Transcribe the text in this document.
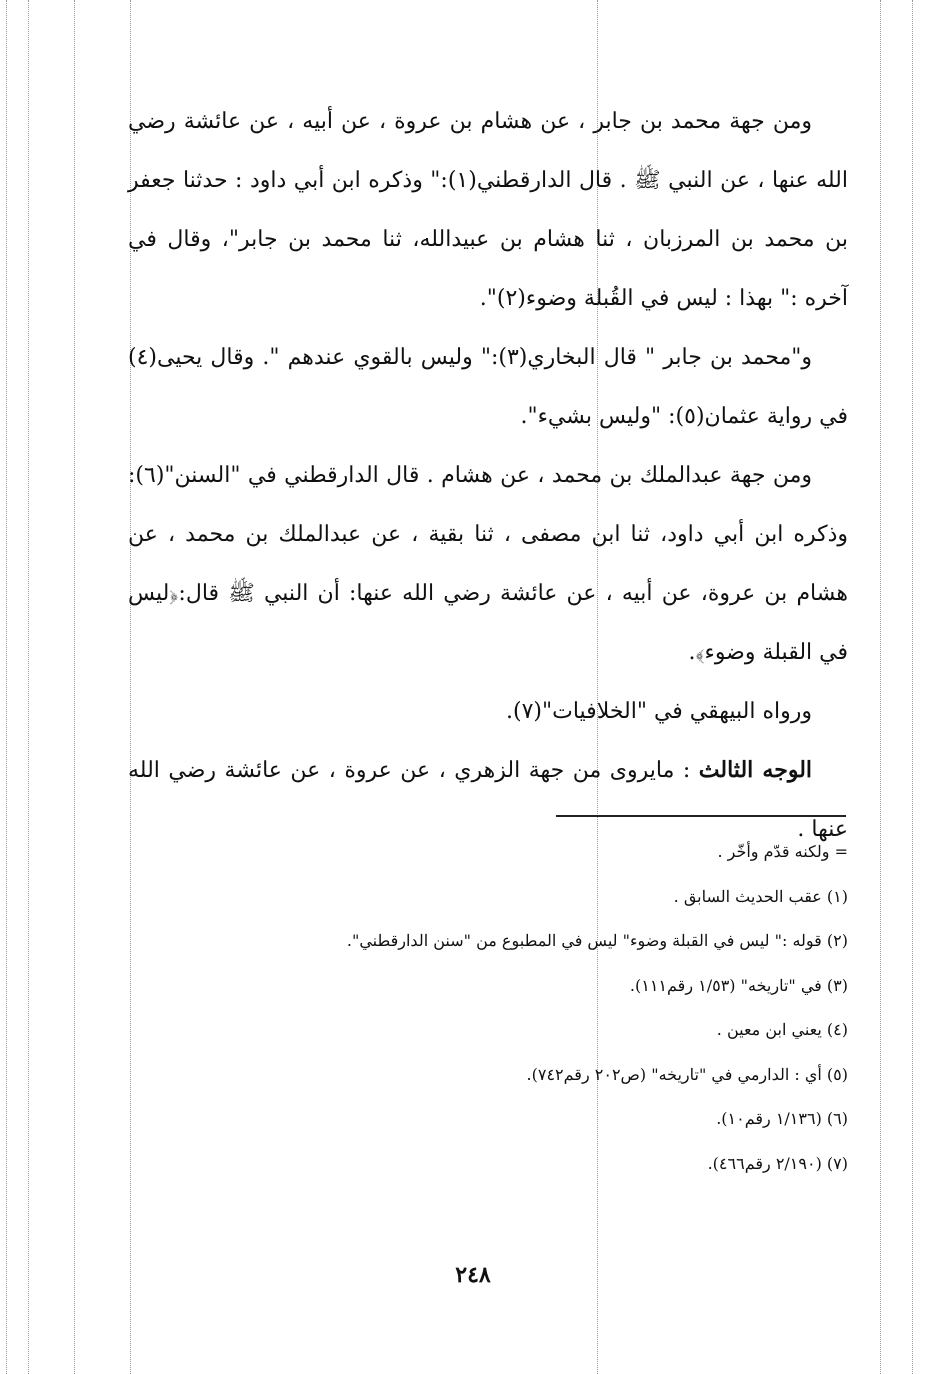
ومن جهة محمد بن جابر ، عن هشام بن عروة ، عن أبيه ، عن عائشة رضي الله عنها ، عن النبي ﷺ . قال الدارقطني(١):" وذكره ابن أبي داود : حدثنا جعفر بن محمد بن المرزبان ، ثنا هشام بن عبيدالله، ثنا محمد بن جابر"، وقال في آخره :" بهذا : ليس في القُبلة وضوء(٢)".

و"محمد بن جابر " قال البخاري(٣):" وليس بالقوي عندهم ". وقال يحيى(٤) في رواية عثمان(٥): "وليس بشيء".

ومن جهة عبدالملك بن محمد ، عن هشام . قال الدارقطني في "السنن"(٦): وذكره ابن أبي داود، ثنا ابن مصفى ، ثنا بقية ، عن عبدالملك بن محمد ، عن هشام بن عروة، عن أبيه ، عن عائشة رضي الله عنها: أن النبي ﷺ قال:﴿ليس في القبلة وضوء﴾.

ورواه البيهقي في "الخلافيات"(٧).

الوجه الثالث : مايروى من جهة الزهري ، عن عروة ، عن عائشة رضي الله عنها .

= ولكنه قدّم وأخّر .

(١) عقب الحديث السابق .

(٢) قوله :" ليس في القبلة وضوء" ليس في المطبوع من "سنن الدارقطني".

(٣) في "تاريخه" (١/٥٣ رقم١١١).

(٤) يعني ابن معين .

(٥) أي : الدارمي في "تاريخه" (ص٢٠٢ رقم٧٤٢).

(٦) (١/١٣٦ رقم١٠).

(٧) (٢/١٩٠ رقم٤٦٦).

٢٤٨
